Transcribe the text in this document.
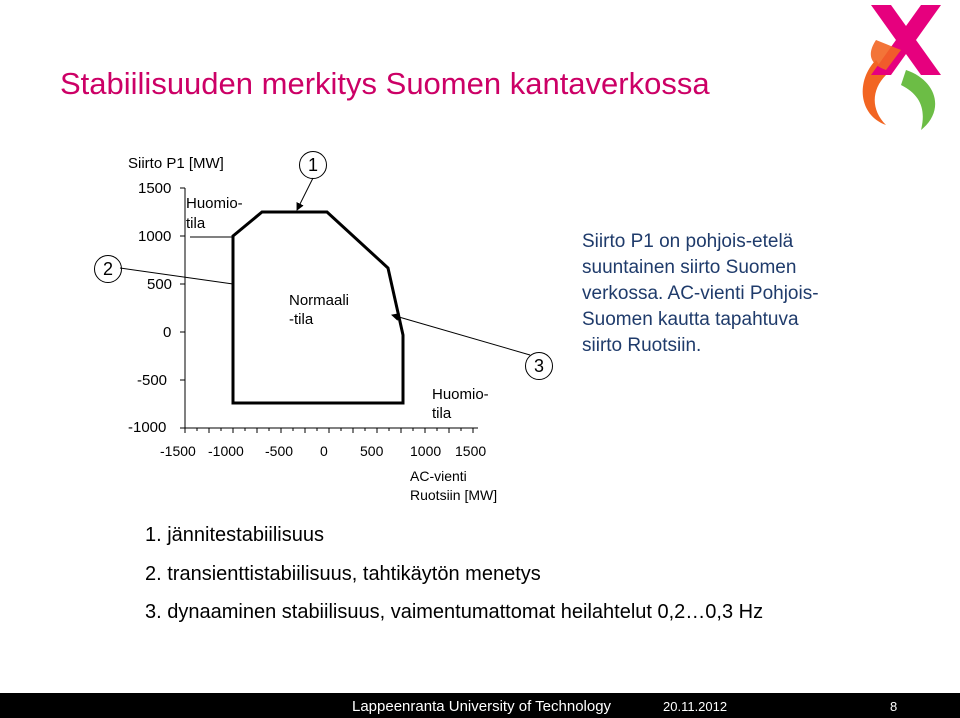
Stabiilisuuden merkitys Suomen kantaverkossa
Siirto P1 [MW]
1500
1000
500
0
-500
-1000
-1500 -1000 -500 0 500 1000 1500
AC-vienti
Ruotsiin [MW]
Huomio-
tila
Normaali
-tila
Huomio-
tila
1
2
3
Siirto P1 on pohjois-etelä
suuntainen siirto Suomen
verkossa. AC-vienti Pohjois-
Suomen kautta tapahtuva
siirto Ruotsiin.
1. jännitestabiilisuus
2. transienttistabiilisuus, tahtikäytön menetys
3. dynaaminen stabiilisuus, vaimentumattomat heilahtelut 0,2…0,3 Hz
Lappeenranta University of Technology	20.11.2012	8
